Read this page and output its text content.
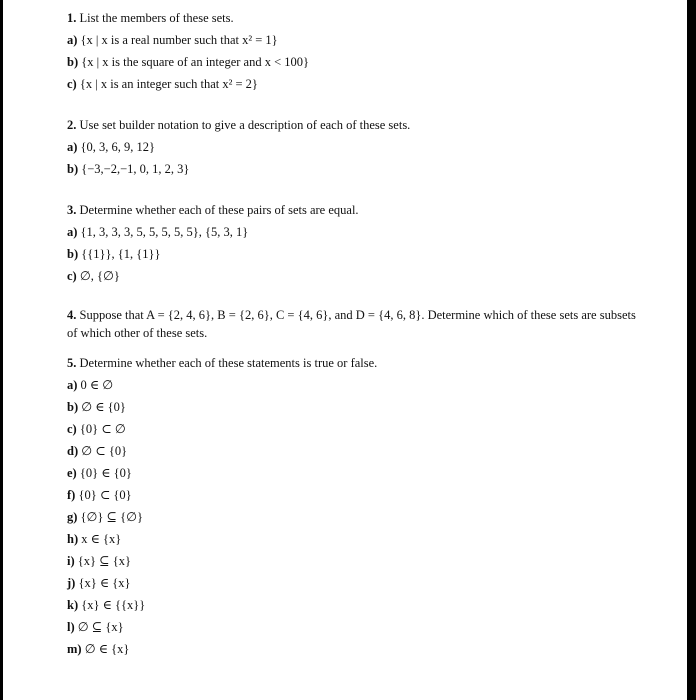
1. List the members of these sets.
a) {x | x is a real number such that x² = 1}
b) {x | x is the square of an integer and x < 100}
c) {x | x is an integer such that x² = 2}
2. Use set builder notation to give a description of each of these sets.
a) {0, 3, 6, 9, 12}
b) {−3,−2,−1, 0, 1, 2, 3}
3. Determine whether each of these pairs of sets are equal.
a) {1, 3, 3, 3, 5, 5, 5, 5, 5}, {5, 3, 1}
b) {{1}}, {1, {1}}
c) ∅, {∅}
4. Suppose that A = {2, 4, 6}, B = {2, 6}, C = {4, 6}, and D = {4, 6, 8}. Determine which of these sets are subsets of which other of these sets.
5. Determine whether each of these statements is true or false.
a) 0 ∈ ∅
b) ∅ ∈ {0}
c) {0} ⊂ ∅
d) ∅ ⊂ {0}
e) {0} ∈ {0}
f) {0} ⊂ {0}
g) {∅} ⊆ {∅}
h) x ∈ {x}
i) {x} ⊆ {x}
j) {x} ∈ {x}
k) {x} ∈ {{x}}
l) ∅ ⊆ {x}
m) ∅ ∈ {x}
